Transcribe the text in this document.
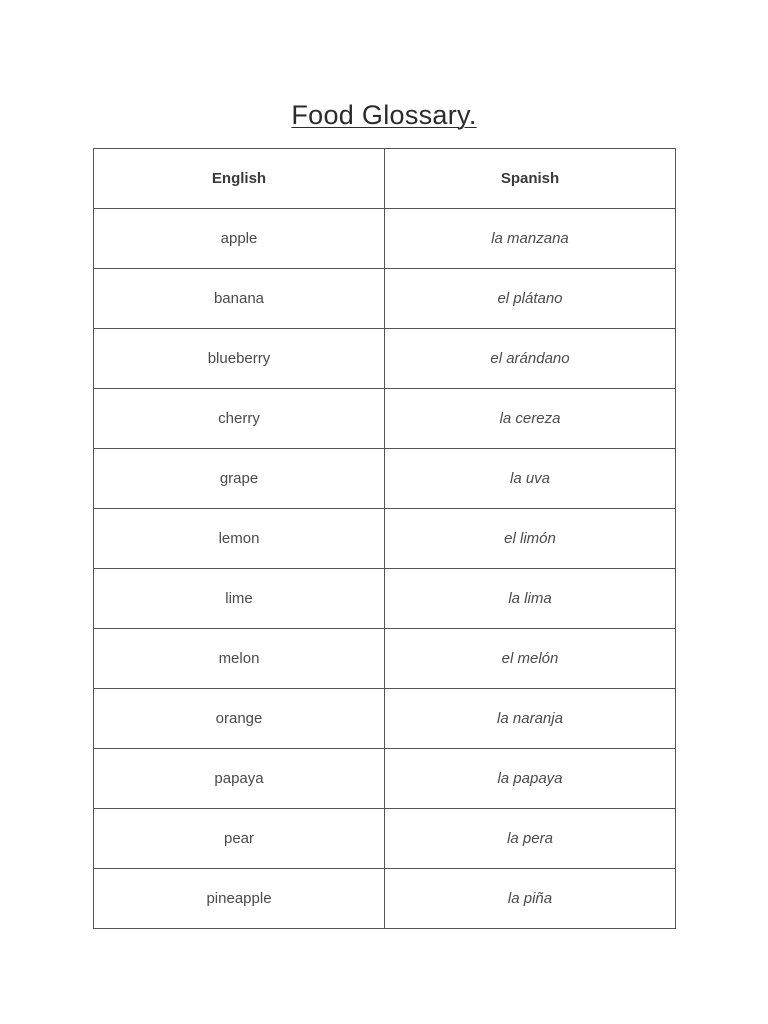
Food Glossary.
English	Spanish
apple	la manzana
banana	el plátano
blueberry	el arándano
cherry	la cereza
grape	la uva
lemon	el limón
lime	la lima
melon	el melón
orange	la naranja
papaya	la papaya
pear	la pera
pineapple	la piña
